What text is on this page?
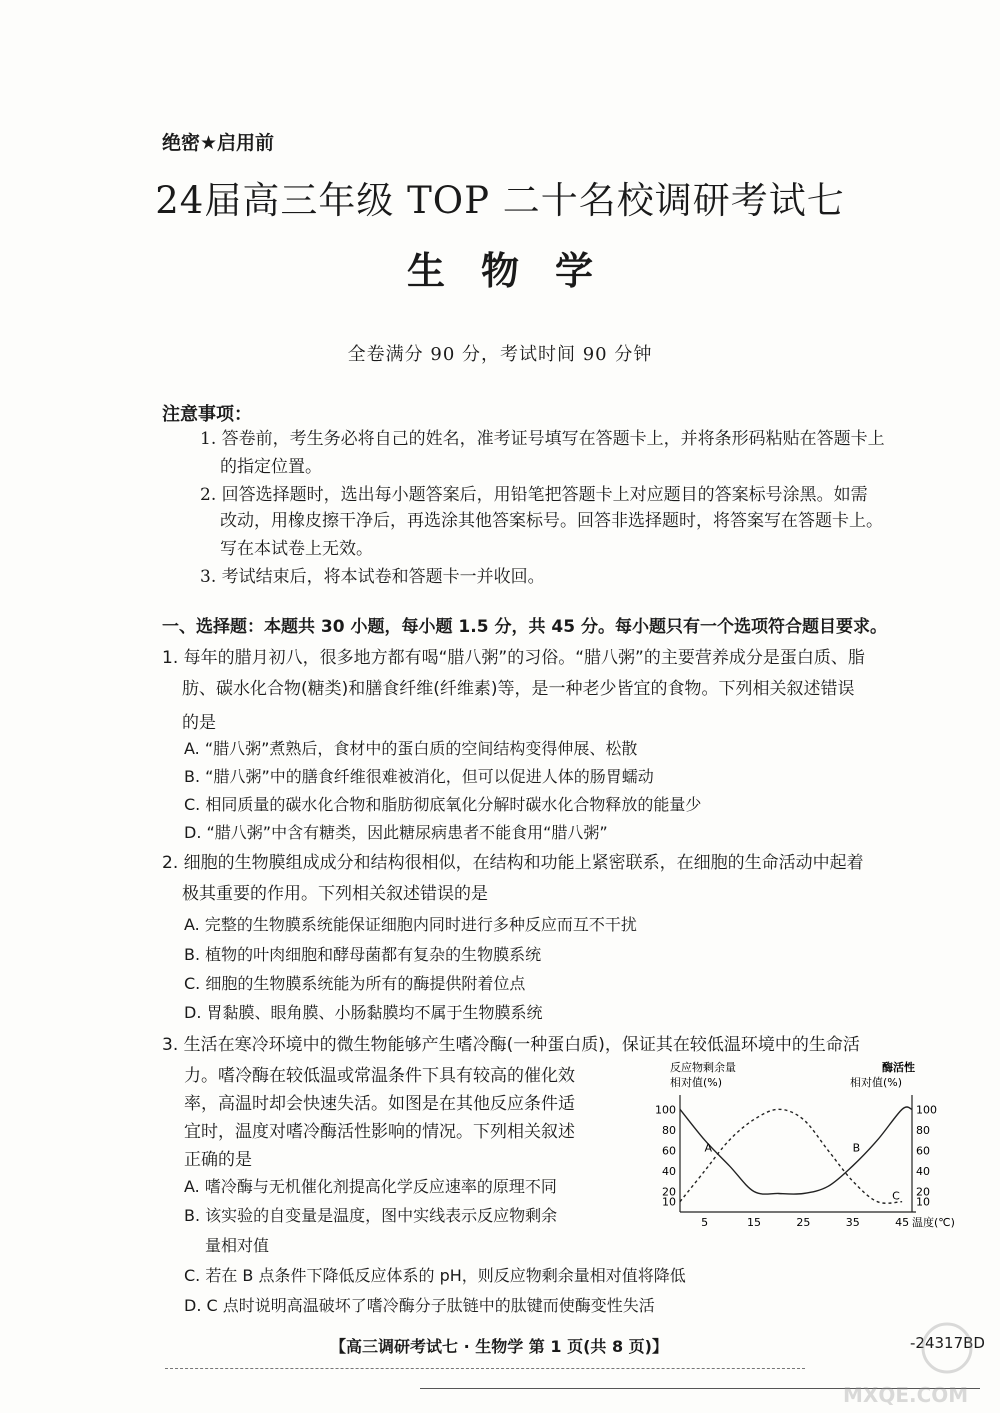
绝密★启用前
24届高三年级 TOP 二十名校调研考试七
生物学
全卷满分 90 分，考试时间 90 分钟
注意事项：
1. 答卷前，考生务必将自己的姓名，准考证号填写在答题卡上，并将条形码粘贴在答题卡上
的指定位置。
2. 回答选择题时，选出每小题答案后，用铅笔把答题卡上对应题目的答案标号涂黑。如需
改动，用橡皮擦干净后，再选涂其他答案标号。回答非选择题时，将答案写在答题卡上。
写在本试卷上无效。
3. 考试结束后，将本试卷和答题卡一并收回。
一、选择题：本题共 30 小题，每小题 1.5 分，共 45 分。每小题只有一个选项符合题目要求。
1. 每年的腊月初八，很多地方都有喝“腊八粥”的习俗。“腊八粥”的主要营养成分是蛋白质、脂
肪、碳水化合物(糖类)和膳食纤维(纤维素)等，是一种老少皆宜的食物。下列相关叙述错误
的是
A. “腊八粥”煮熟后，食材中的蛋白质的空间结构变得伸展、松散
B. “腊八粥”中的膳食纤维很难被消化，但可以促进人体的肠胃蠕动
C. 相同质量的碳水化合物和脂肪彻底氧化分解时碳水化合物释放的能量少
D. “腊八粥”中含有糖类，因此糖尿病患者不能食用“腊八粥”
2. 细胞的生物膜组成成分和结构很相似，在结构和功能上紧密联系，在细胞的生命活动中起着
极其重要的作用。下列相关叙述错误的是
A. 完整的生物膜系统能保证细胞内同时进行多种反应而互不干扰
B. 植物的叶肉细胞和酵母菌都有复杂的生物膜系统
C. 细胞的生物膜系统能为所有的酶提供附着位点
D. 胃黏膜、眼角膜、小肠黏膜均不属于生物膜系统
3. 生活在寒冷环境中的微生物能够产生嗜冷酶(一种蛋白质)，保证其在较低温环境中的生命活
力。嗜冷酶在较低温或常温条件下具有较高的催化效
率，高温时却会快速失活。如图是在其他反应条件适
宜时，温度对嗜冷酶活性影响的情况。下列相关叙述
正确的是
A. 嗜冷酶与无机催化剂提高化学反应速率的原理不同
B. 该实验的自变量是温度，图中实线表示反应物剩余
量相对值
C. 若在 B 点条件下降低反应体系的 pH，则反应物剩余量相对值将降低
D. C 点时说明高温破坏了嗜冷酶分子肽链中的肽键而使酶变性失活
10
20
40
60
80
100
10
20
40
60
80
100
5	15	25	35	45
A	B
C
反应物剩余量
相对值(%)
酶活性
相对值(%)
温度(℃)
【高三调研考试七 · 生物学 第 1 页(共 8 页)】	-24317BD
MXQE.COM
